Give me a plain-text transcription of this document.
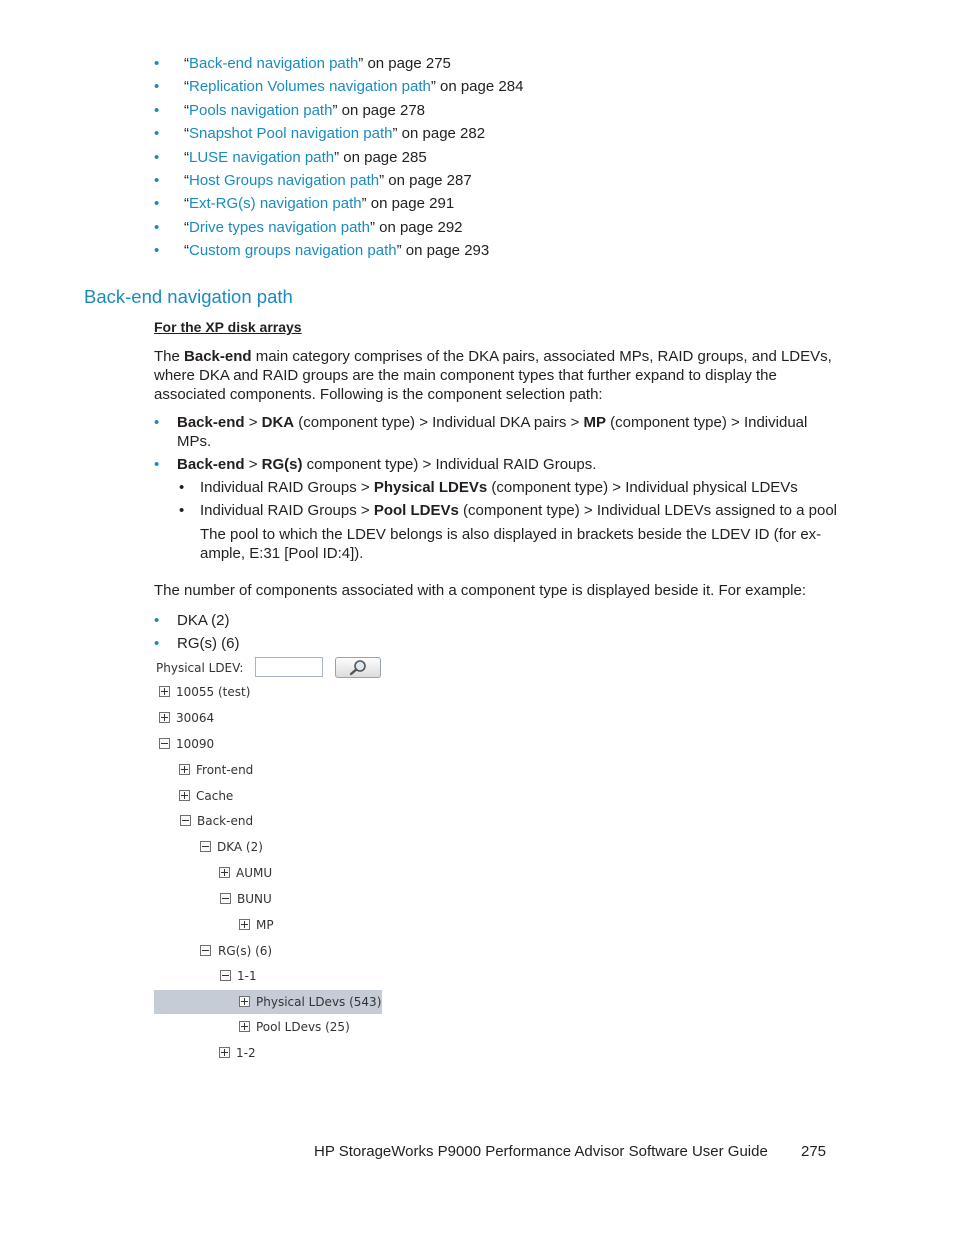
• “Back-end navigation path” on page 275
• “Replication Volumes navigation path” on page 284
• “Pools navigation path” on page 278
• “Snapshot Pool navigation path” on page 282
• “LUSE navigation path” on page 285
• “Host Groups navigation path” on page 287
• “Ext-RG(s) navigation path” on page 291
• “Drive types navigation path” on page 292
• “Custom groups navigation path” on page 293
Back-end navigation path
For the XP disk arrays

The Back-end main category comprises of the DKA pairs, associated MPs, RAID groups, and LDEVs, where DKA and RAID groups are the main component types that further expand to display the associated components. Following is the component selection path:

• Back-end > DKA (component type) > Individual DKA pairs > MP (component type) > Individual MPs.
• Back-end > RG(s) component type) > Individual RAID Groups.
• Individual RAID Groups > Physical LDEVs (component type) > Individual physical LDEVs
• Individual RAID Groups > Pool LDEVs (component type) > Individual LDEVs assigned to a pool

The pool to which the LDEV belongs is also displayed in brackets beside the LDEV ID (for ex- ample, E:31 [Pool ID:4]).

The number of components associated with a component type is displayed beside it. For example:

• DKA (2)
• RG(s) (6)
Physical LDEV:
10055 (test)
30064
10090
Front-end
Cache
Back-end
DKA (2)
AUMU
BUNU
MP
RG(s) (6)
1-1
Physical LDevs (543)
Pool LDevs (25)
1-2
HP StorageWorks P9000 Performance Advisor Software User Guide 275
